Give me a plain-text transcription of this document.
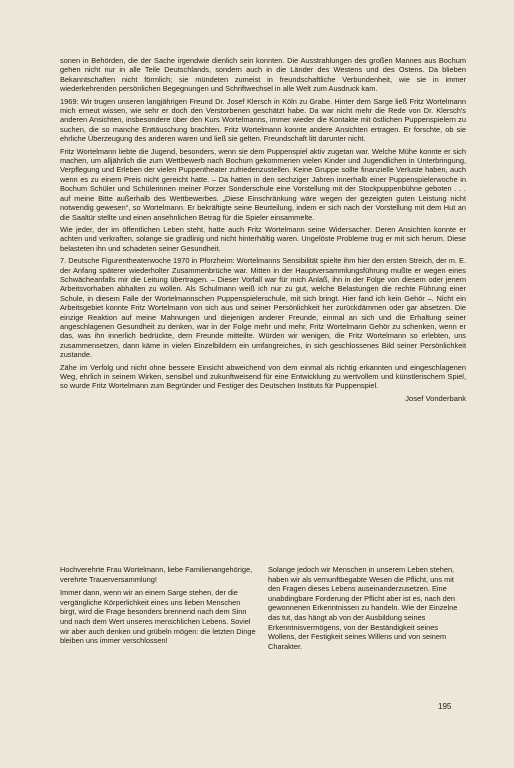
sonen in Behörden, die der Sache irgendwie dienlich sein konnten. Die Ausstrahlungen des großen Mannes aus Bochum gehen nicht nur in alle Teile Deutschlands, sondern auch in die Länder des Westens und des Ostens. Da blieben Bekanntschaften nicht förmlich; sie mündeten zumeist in freundschaftliche Verbundenheit, wie sie in immer wiederkehrenden persönlichen Begegnungen und Schriftwechsel in alle Welt zum Ausdruck kam.

1969: Wir trugen unseren langjährigen Freund Dr. Josef Klersch in Köln zu Grabe. Hinter dem Sarge ließ Fritz Wortelmann mich erneut wissen, wie sehr er doch den Verstorbenen geschätzt habe. Da war nicht mehr die Rede von Dr. Klersch's anderen Ansichten, insbesondere über den Kurs Wortelmanns, immer wieder die Kontakte mit östlichen Puppenspielern zu suchen, die so manche Enttäuschung brachten. Fritz Wortelmann konnte andere Ansichten ertragen. Er forschte, ob sie ehrliche Überzeugung des anderen waren und ließ sie gelten. Freundschaft litt darunter nicht.

Fritz Wortelmann liebte die Jugend, besonders, wenn sie dem Puppenspiel aktiv zugetan war. Welche Mühe konnte er sich machen, um alljährlich die zum Wettbewerb nach Bochum gekommenen vielen Kinder und Jugendlichen in Unterbringung, Verpflegung und Erleben der vielen Puppentheater zufriedenzustellen. Keine Gruppe sollte finanzielle Verluste haben, auch wenn es zu einem Preis nicht gereicht hatte. – Da hatten in den sechziger Jahren innerhalb einer Puppenspielerwoche in Bochum Schüler und Schülerinnen meiner Porzer Sonderschule eine Vorstellung mit der Stockpuppenbühne geboten . . . auf meine Bitte außerhalb des Wettbewerbes. „Diese Einschränkung wäre wegen der gezeigten guten Leistung nicht notwendig gewesen“, so Wortelmann. Er bekräftigte seine Beurteilung, indem er sich nach der Vorstellung mit dem Hut an die Saaltür stellte und einen ansehnlichen Betrag für die Spieler einsammelte.

Wie jeder, der im öffentlichen Leben steht, hatte auch Fritz Wortelmann seine Widersacher. Deren Ansichten konnte er achten und verkraften, solange sie gradlinig und nicht hinterhältig waren. Ungelöste Probleme trug er mit sich herum. Diese belasteten ihn und schadeten seiner Gesundheit.

7. Deutsche Figurentheaterwoche 1970 in Pforzheim: Wortelmanns Sensibilität spielte ihm hier den ersten Streich, der m. E. der Anfang späterer wiederholter Zusammenbrüche war. Mitten in der Hauptversammlungsführung mußte er wegen eines Schwächeanfalls mir die Leitung übertragen. – Dieser Vorfall war für mich Anlaß, ihn in der Folge von diesem oder jenem Arbeitsvorhaben abhalten zu wollen. Als Schulmann weiß ich nur zu gut, welche Belastungen die rechte Führung einer Schule, in diesem Falle der Wortelmannschen Puppenspielerschule, mit sich bringt. Hier fand ich kein Gehör –. Nicht ein Arbeitsgebiet konnte Fritz Wortelmann von sich aus und seiner Persönlichkeit her zurückdämmen oder gar absetzen. Die einzige Reaktion auf meine Mahnungen und diejenigen anderer Freunde, einmal an sich und die Erhaltung seiner angeschlagenen Gesundheit zu denken, war in der Folge mehr und mehr, Fritz Wortelmann Gehör zu schenken, wenn er das, was ihn innerlich bedrückte, dem Freunde mitteilte. Würden wir wenigen, die Fritz Wortelmann so erlebten, uns zusammensetzen, dann käme in vielen Einzelbildern ein umfangreiches, in sich geschlossenes Bild seiner Persönlichkeit zustande.

Zähe im Verfolg und nicht ohne bessere Einsicht abweichend von dem einmal als richtig erkannten und eingeschlagenen Weg, ehrlich in seinem Wirken, sensibel und zukunftweisend für eine Entwicklung zu wertvollem und künstlerischem Spiel, so wurde Fritz Wortelmann zum Begründer und Festiger des Deutschen Instituts für Puppenspiel.

Josef Vonderbank

Hochverehrte Frau Wortelmann, liebe Familienangehörige, verehrte Trauerversammlung!

Immer dann, wenn wir an einem Sarge stehen, der die vergängliche Körperlichkeit eines uns lieben Menschen birgt, wird die Frage besonders brennend nach dem Sinn und nach dem Wert unseres menschlichen Lebens. Soviel wir aber auch denken und grübeln mögen: die letzten Dinge bleiben uns immer verschlossen!

Solange jedoch wir Menschen in unserem Leben stehen, haben wir als vernunftbegabte Wesen die Pflicht, uns mit den Fragen dieses Lebens auseinanderzusetzen. Eine unabdingbare Forderung der Pflicht aber ist es, nach den gewonnenen Erkenntnissen zu handeln. Wie der Einzelne das tut, das hängt ab von der Ausbildung seines Erkenntnisvermögens, von der Beständigkeit seines Wollens, der Festigkeit seines Willens und von seinem Charakter.

195
